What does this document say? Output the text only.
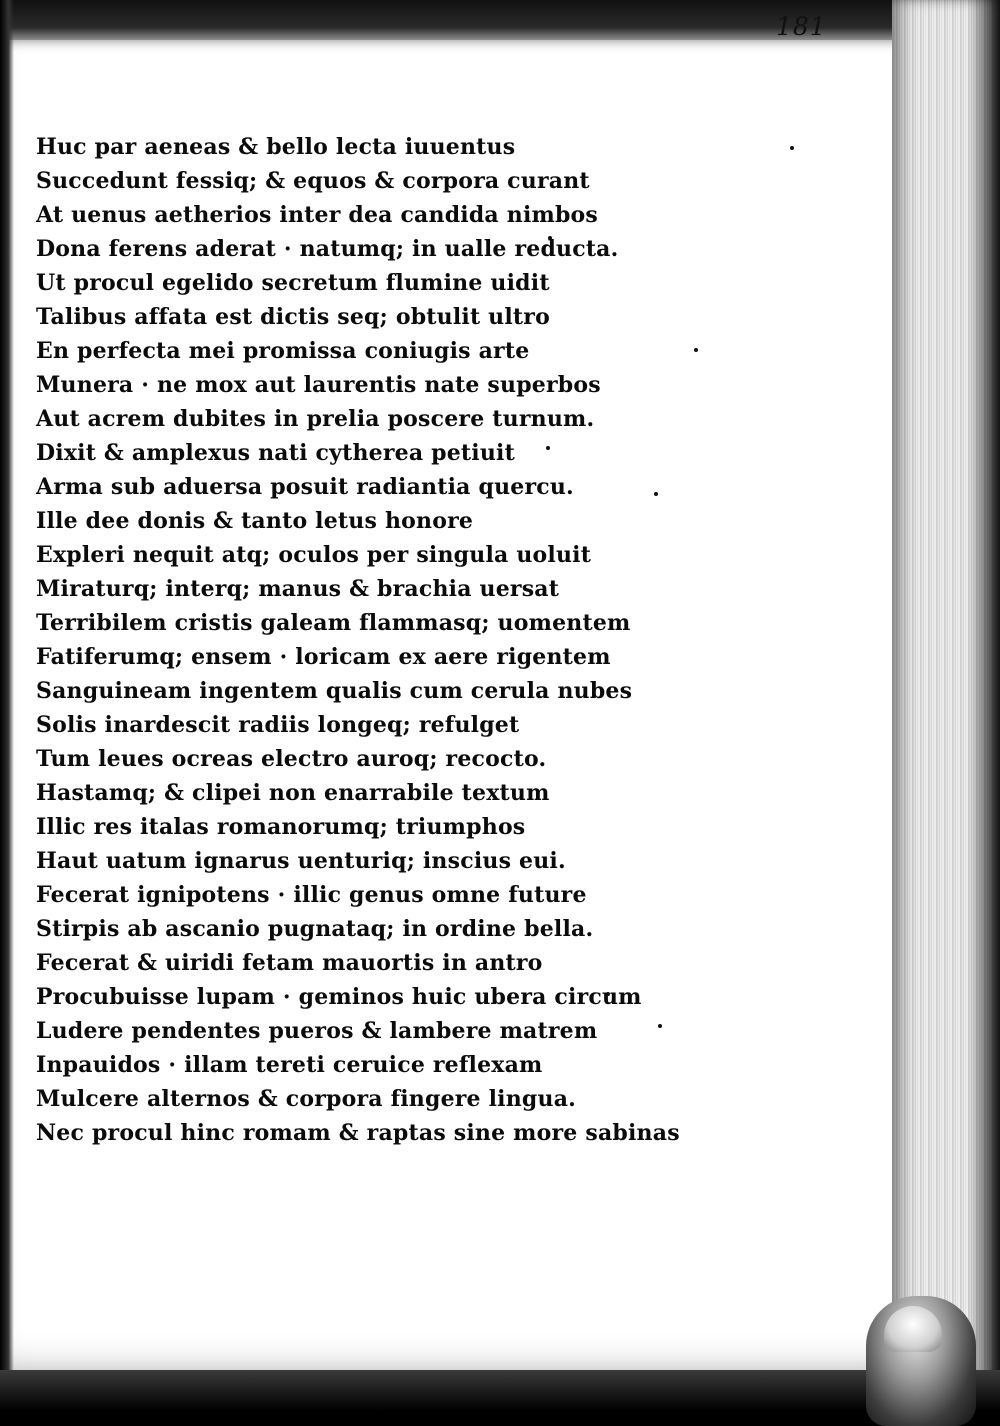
181
Huc par aeneas & bello lecta iuuentus
Succedunt fessiq; & equos & corpora curant
At uenus aetherios inter dea candida nimbos
Dona ferens aderat · natumq; in ualle reducta.
Ut procul egelido secretum flumine uidit
Talibus affata est dictis seq; obtulit ultro
En perfecta mei promissa coniugis arte
Munera · ne mox aut laurentis nate superbos
Aut acrem dubites in prelia poscere turnum.
Dixit & amplexus nati cytherea petiuit
Arma sub aduersa posuit radiantia quercu.
Ille dee donis & tanto letus honore
Expleri nequit atq; oculos per singula uoluit
Miraturq; interq; manus & brachia uersat
Terribilem cristis galeam flammasq; uomentem
Fatiferumq; ensem · loricam ex aere rigentem
Sanguineam ingentem qualis cum cerula nubes
Solis inardescit radiis longeq; refulget
Tum leues ocreas electro auroq; recocto.
Hastamq; & clipei non enarrabile textum
Illic res italas romanorumq; triumphos
Haut uatum ignarus uenturiq; inscius eui.
Fecerat ignipotens · illic genus omne future
Stirpis ab ascanio pugnataq; in ordine bella.
Fecerat & uiridi fetam mauortis in antro
Procubuisse lupam · geminos huic ubera circum
Ludere pendentes pueros & lambere matrem
Inpauidos · illam tereti ceruice reflexam
Mulcere alternos & corpora fingere lingua.
Nec procul hinc romam & raptas sine more sabinas
